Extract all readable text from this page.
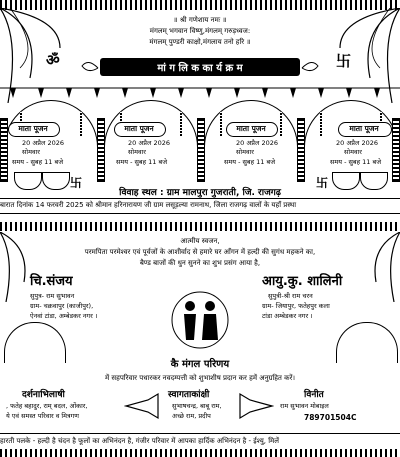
॥ श्री गणेशाय नमः ॥
मंगलम् भगवान विष्णु,मंगलम् गरुड़ध्वज:
मंगलम् पुण्डरी काक्षो,मंगलाय तनो हरि ॥
ॐ	卐
मां ग लि क का र्य क्र म
माता पूजन
20 अप्रैल 2026
सोमवार
समय - सुबह 11 बजे
माता पूजन
20 अप्रैल 2026
सोमवार
समय - सुबह 11 बजे
माता पूजन
20 अप्रैल 2026
सोमवार
समय - सुबह 11 बजे
माता पूजन
20 अप्रैल 2026
सोमवार
समय - सुबह 11 बजे
卐	卐
विवाह स्थल : ग्राम मालपुरा गुजराती, जि. राजगढ़
बारात दिनांक 14 फरवरी 2025 को श्रीमान हरिनारायण जी ग्राम लसूड़ल्या रामनाथ, जिला राजगढ़ वालों के यहाँ प्रस्था
आत्मीय स्वजन,
परमपिता परमेश्वर एवं पूर्वजों के आशीर्वाद से हमारे घर आँगन में हल्दी की सुगंध महकने का,
बैण्ड बाजों की धुन सुनने का शुभ प्रसंग आया है,
चि.संजय
सुपुत्र- राम सुभावन
ग्राम- चक्रवापुर (काजीपुर),
ऐनवां टांडा, अम्बेडकर नगर ।
आयु.कु. शालिनी
सुपुत्री-श्री राम चरन
ग्राम- जियापुर, फतेहपुर कला
टांडा अम्बेडकर नगर ।
कै मंगल परिणय
में सहपरिवार पधारकर नवदम्पत्ती को शुभाशीष प्रदान कर हमें अनुग्रहित करें।
दर्शनाभिलाषी
, फतेह बहादुर, राम् बदल, ओंकार,
ये एवं समस्त परिवार व मित्रगण
स्वागताकांक्षी
सुभाषचन्द्र, बाबू राम,
अच्छे राम, प्रदीप
विनीत
राम सुभावन मोबाइल
789701504C
हारती पलके - हल्दी है चंदन है फूलों का अभिनंदन है, गंजीर परिवार में आपका हार्दिक अभिनंदन है - ईश्यु, मिलें
